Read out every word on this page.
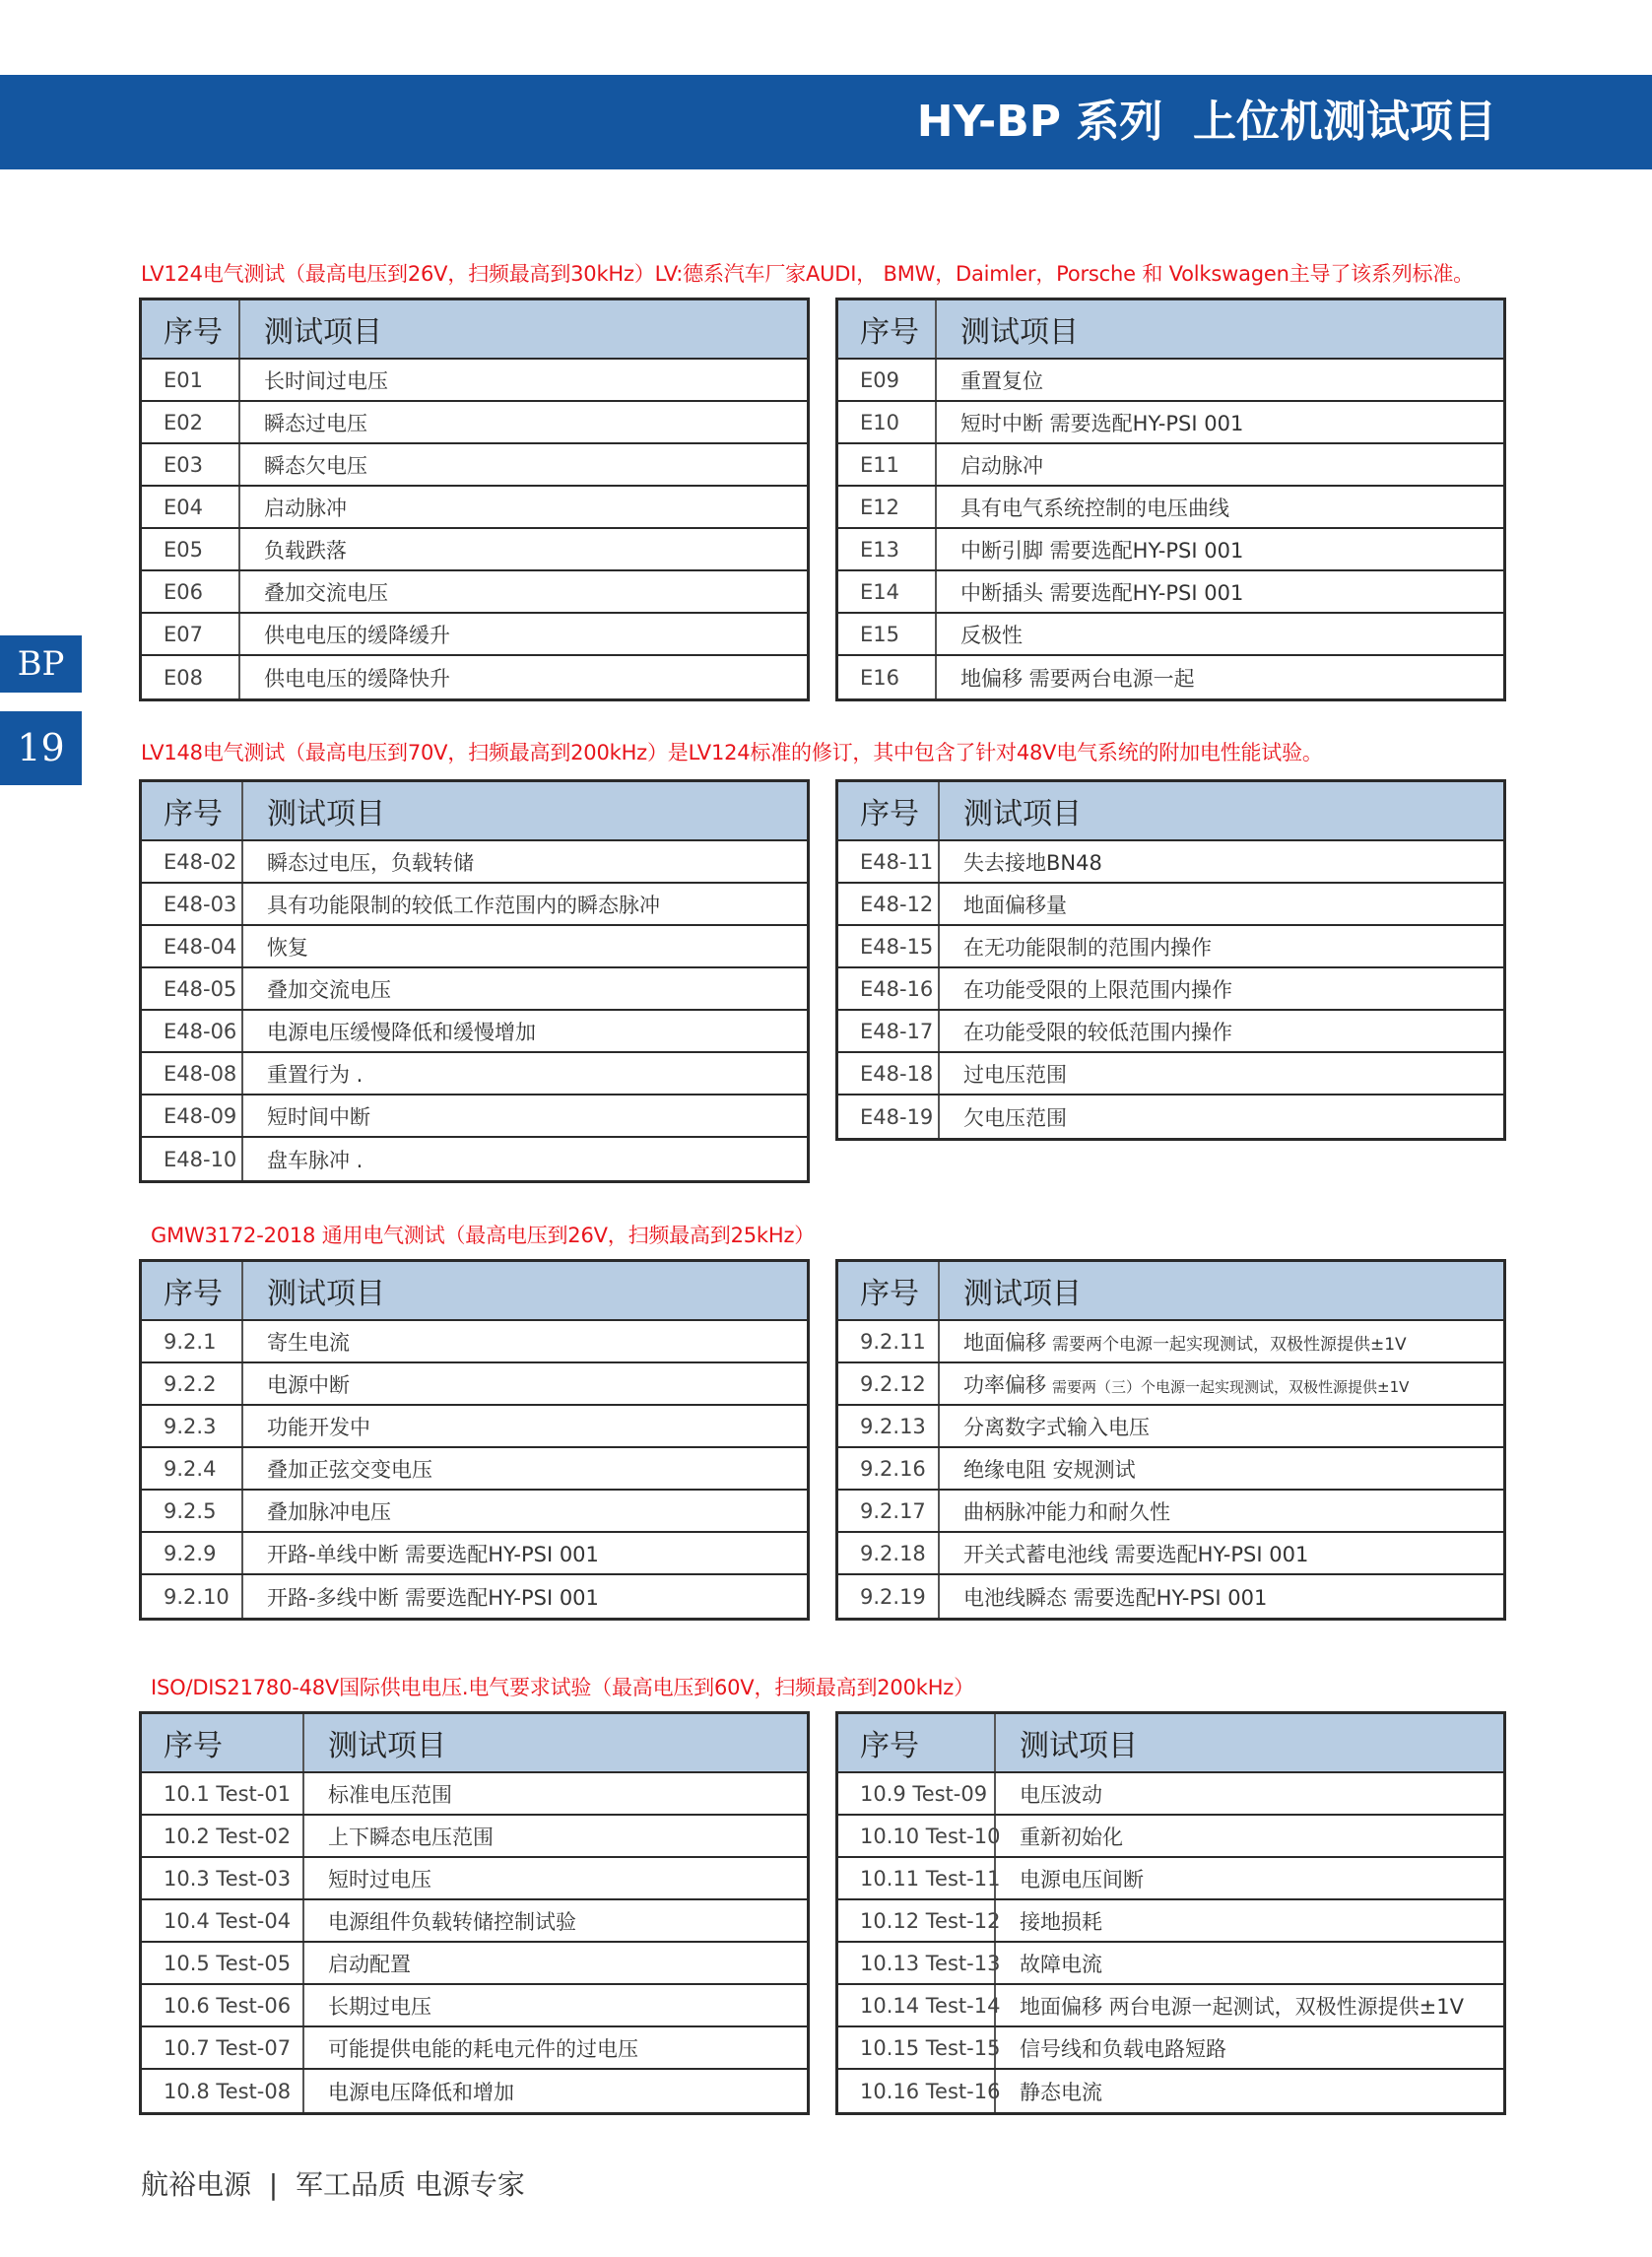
HY-BP 系列  上位机测试项目
BP
19
LV124电气测试（最高电压到26V，扫频最高到30kHz）LV:德系汽车厂家AUDI， BMW，Daimler，Porsche 和 Volkswagen主导了该系列标准。
序号	测试项目
E01	长时间过电压
E02	瞬态过电压
E03	瞬态欠电压
E04	启动脉冲
E05	负载跌落
E06	叠加交流电压
E07	供电电压的缓降缓升
E08	供电电压的缓降快升
序号	测试项目
E09	重置复位
E10	短时中断 需要选配HY-PSI 001
E11	启动脉冲
E12	具有电气系统控制的电压曲线
E13	中断引脚 需要选配HY-PSI 001
E14	中断插头 需要选配HY-PSI 001
E15	反极性
E16	地偏移 需要两台电源一起
LV148电气测试（最高电压到70V，扫频最高到200kHz）是LV124标准的修订，其中包含了针对48V电气系统的附加电性能试验。
序号	测试项目
E48-02	瞬态过电压，负载转储
E48-03	具有功能限制的较低工作范围内的瞬态脉冲
E48-04	恢复
E48-05	叠加交流电压
E48-06	电源电压缓慢降低和缓慢增加
E48-08	重置行为 .
E48-09	短时间中断
E48-10	盘车脉冲 .
序号	测试项目
E48-11	失去接地BN48
E48-12	地面偏移量
E48-15	在无功能限制的范围内操作
E48-16	在功能受限的上限范围内操作
E48-17	在功能受限的较低范围内操作
E48-18	过电压范围
E48-19	欠电压范围
GMW3172-2018 通用电气测试（最高电压到26V，扫频最高到25kHz）
序号	测试项目
9.2.1	寄生电流
9.2.2	电源中断
9.2.3	功能开发中
9.2.4	叠加正弦交变电压
9.2.5	叠加脉冲电压
9.2.9	开路-单线中断 需要选配HY-PSI 001
9.2.10	开路-多线中断 需要选配HY-PSI 001
序号	测试项目
9.2.11	地面偏移 需要两个电源一起实现测试，双极性源提供±1V
9.2.12	功率偏移 需要两（三）个电源一起实现测试，双极性源提供±1V
9.2.13	分离数字式输入电压
9.2.16	绝缘电阻 安规测试
9.2.17	曲柄脉冲能力和耐久性
9.2.18	开关式蓄电池线 需要选配HY-PSI 001
9.2.19	电池线瞬态 需要选配HY-PSI 001
ISO/DIS21780-48V国际供电电压.电气要求试验（最高电压到60V，扫频最高到200kHz）
序号	测试项目
10.1 Test-01	标准电压范围
10.2 Test-02	上下瞬态电压范围
10.3 Test-03	短时过电压
10.4 Test-04	电源组件负载转储控制试验
10.5 Test-05	启动配置
10.6 Test-06	长期过电压
10.7 Test-07	可能提供电能的耗电元件的过电压
10.8 Test-08	电源电压降低和增加
序号	测试项目
10.9 Test-09	电压波动
10.10 Test-10 重新初始化
10.11 Test-11 电源电压间断
10.12 Test-12 接地损耗
10.13 Test-13 故障电流
10.14 Test-14 地面偏移 两台电源一起测试，双极性源提供±1V
10.15 Test-15 信号线和负载电路短路
10.16 Test-16 静态电流
航裕电源  |  军工品质 电源专家
